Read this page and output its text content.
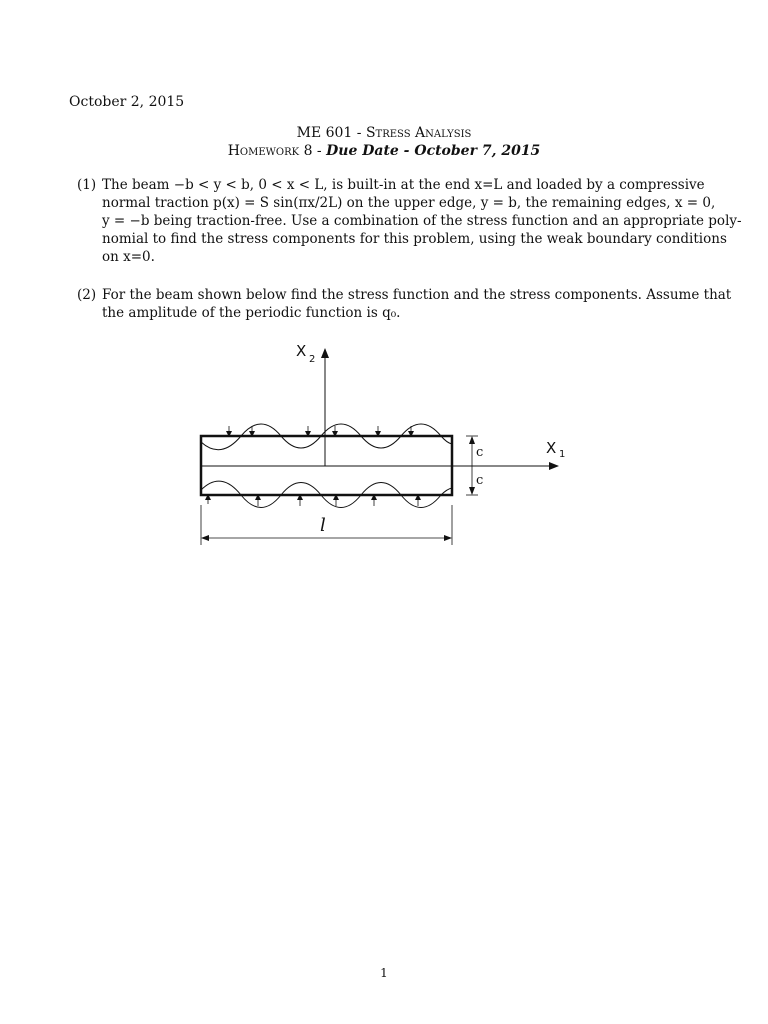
October 2, 2015
ME 601 - Stress Analysis
Homework 8 - Due Date - October 7, 2015
(1) The beam −b < y < b, 0 < x < L, is built-in at the end x=L and loaded by a compressive
normal traction p(x) = S sin(πx/2L) on the upper edge, y = b, the remaining edges, x = 0,
y = −b being traction-free. Use a combination of the stress function and an appropriate poly-
nomial to find the stress components for this problem, using the weak boundary conditions
on x=0.
(2) For the beam shown below find the stress function and the stress components. Assume that
the amplitude of the periodic function is q₀.
X 2
X 1
c
c
l
1
